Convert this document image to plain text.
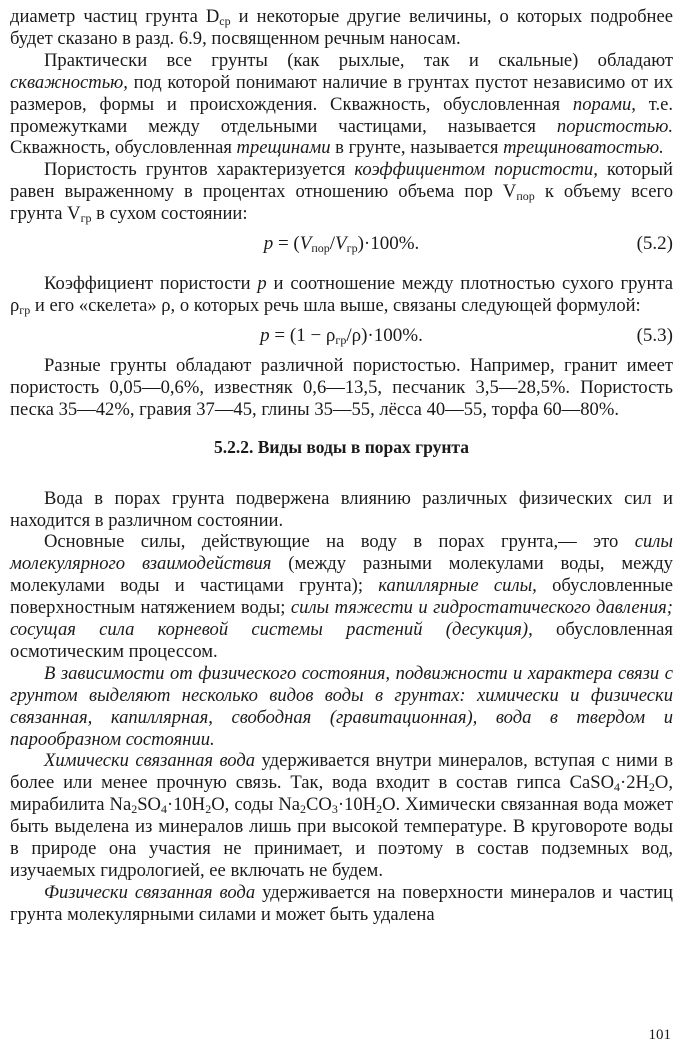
диаметр частиц грунта $D_{ср}$ и некоторые другие величины, о которых подробнее будет сказано в разд. 6.9, посвященном речным наносам.

Практически все грунты (как рыхлые, так и скальные) обладают скважностью, под которой понимают наличие в грунтах пустот независимо от их размеров, формы и происхождения. Скважность, обусловленная порами, т.е. промежутками между отдельными частицами, называется пористостью. Скважность, обусловленная трещинами в грунте, называется трещиноватостью.

Пористость грунтов характеризуется коэффициентом пористости, который равен выраженному в процентах отношению объема пор $V_{пор}$ к объему всего грунта $V_{гр}$ в сухом состоянии:

$p = (V_{пор}/V_{гр})\cdot 100\%$.	(5.2)

Коэффициент пористости p и соотношение между плотностью сухого грунта $\rho_{гр}$ и его «скелета» ρ, о которых речь шла выше, связаны следующей формулой:

$p = (1 - \rho_{гр}/\rho)\cdot 100\%$.	(5.3)

Разные грунты обладают различной пористостью. Например, гранит имеет пористость 0,05—0,6%, известняк 0,6—13,5, песчаник 3,5—28,5%. Пористость песка 35—42%, гравия 37—45, глины 35—55, лёсса 40—55, торфа 60—80%.

5.2.2. Виды воды в порах грунта

Вода в порах грунта подвержена влиянию различных физических сил и находится в различном состоянии.

Основные силы, действующие на воду в порах грунта,— это силы молекулярного взаимодействия (между разными молекулами воды, между молекулами воды и частицами грунта); капиллярные силы, обусловленные поверхностным натяжением воды; силы тяжести и гидростатического давления; сосущая сила корневой системы растений (десукция), обусловленная осмотическим процессом.

В зависимости от физического состояния, подвижности и характера связи с грунтом выделяют несколько видов воды в грунтах: химически и физически связанная, капиллярная, свободная (гравитационная), вода в твердом и парообразном состоянии.

Химически связанная вода удерживается внутри минералов, вступая с ними в более или менее прочную связь. Так, вода входит в состав гипса $CaSO_4\cdot 2H_2O$, мирабилита $Na_2SO_4\cdot 10H_2O$, соды $Na_2CO_3\cdot 10H_2O$. Химически связанная вода может быть выделена из минералов лишь при высокой температуре. В круговороте воды в природе она участия не принимает, и поэтому в состав подземных вод, изучаемых гидрологией, ее включать не будем.

Физически связанная вода удерживается на поверхности минералов и частиц грунта молекулярными силами и может быть удалена

101
